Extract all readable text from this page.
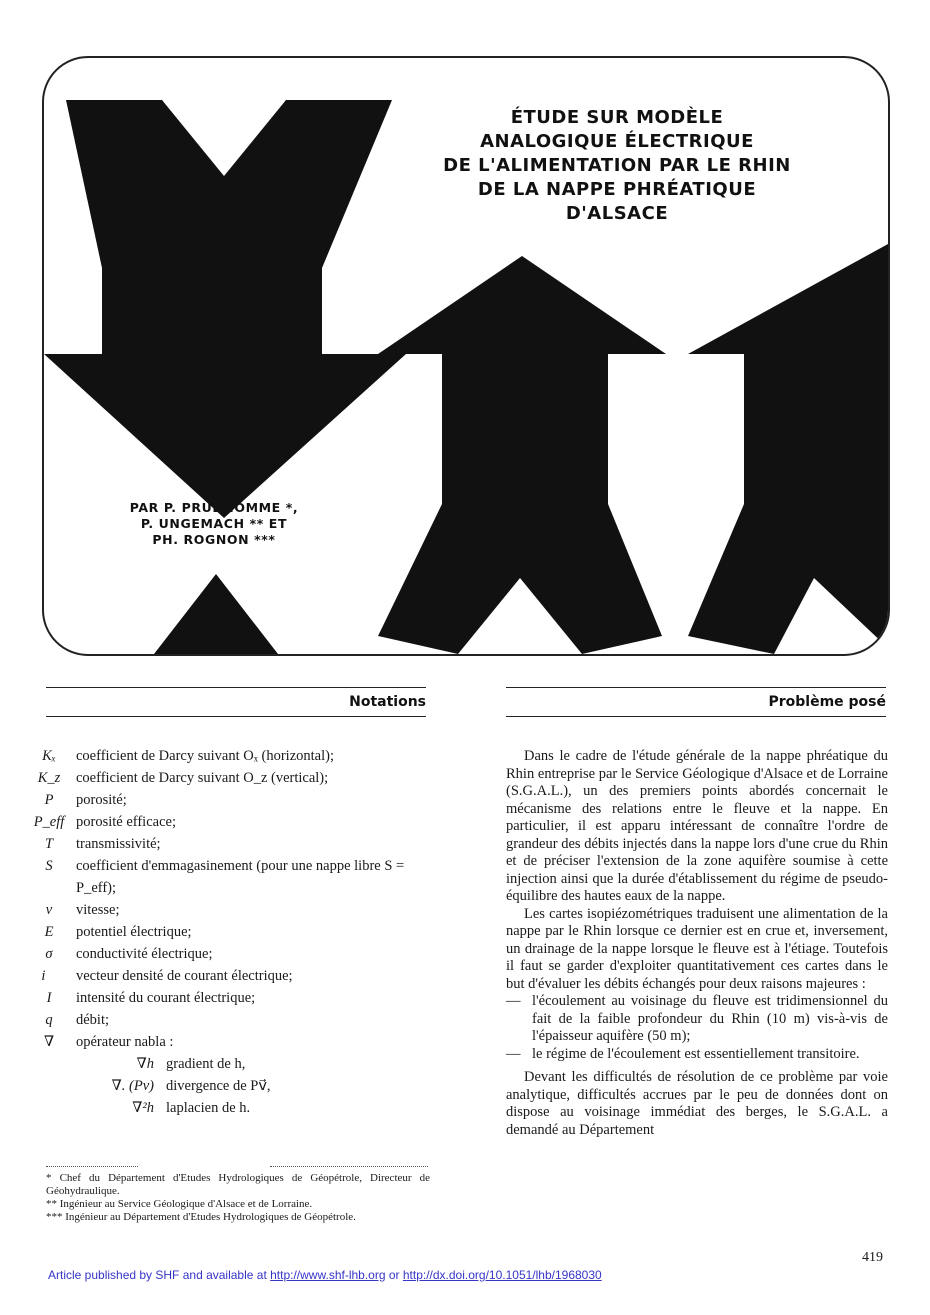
ÉTUDE SUR MODÈLE
ANALOGIQUE ÉLECTRIQUE
DE L'ALIMENTATION PAR LE RHIN
DE LA NAPPE PHRÉATIQUE
D'ALSACE
PAR P. PRUDHOMME *,
P. UNGEMACH ** ET
PH. ROGNON ***
Notations	Problème posé
Kₓ	coefficient de Darcy suivant Oₓ (horizontal);
K_z	coefficient de Darcy suivant O_z (vertical);
P	porosité;
P_eff porosité efficace;
T	transmissivité;
S	coefficient d'emmagasinement (pour une nappe libre S = P_eff);
v	vitesse;
E	potentiel électrique;
σ	conductivité électrique;
i⃗	vecteur densité de courant électrique;
I	intensité du courant électrique;
q	débit;
∇	opérateur nabla :
∇h gradient de h,
∇. (Pv) divergence de Pv⃗,
∇²h laplacien de h.

* Chef du Département d'Etudes Hydrologiques de Géopétrole, Directeur de Géohydraulique.

** Ingénieur au Service Géologique d'Alsace et de Lorraine.

*** Ingénieur au Département d'Etudes Hydrologiques de Géopétrole.

Dans le cadre de l'étude générale de la nappe phréatique du Rhin entreprise par le Service Géologique d'Alsace et de Lorraine (S.G.A.L.), un des premiers points abordés concernait le mécanisme des relations entre le fleuve et la nappe. En particulier, il est apparu intéressant de connaître l'ordre de grandeur des débits injectés dans la nappe lors d'une crue du Rhin et de préciser l'extension de la zone aquifère soumise à cette injection ainsi que la durée d'établissement du régime de pseudo-équilibre des hautes eaux de la nappe.

Les cartes isopiézométriques traduisent une alimentation de la nappe par le Rhin lorsque ce dernier est en crue et, inversement, un drainage de la nappe lorsque le fleuve est à l'étiage. Toutefois il faut se garder d'exploiter quantitativement ces cartes dans le but d'évaluer les débits échangés pour deux raisons majeures :

— l'écoulement au voisinage du fleuve est tridimensionnel du fait de la faible profondeur du Rhin (10 m) vis-à-vis de l'épaisseur aquifère (50 m);
— le régime de l'écoulement est essentiellement transitoire.

Devant les difficultés de résolution de ce problème par voie analytique, difficultés accrues par le peu de données dont on dispose au voisinage immédiat des berges, le S.G.A.L. a demandé au Département

419
Article published by SHF and available at http://www.shf-lhb.org or http://dx.doi.org/10.1051/lhb/1968030
